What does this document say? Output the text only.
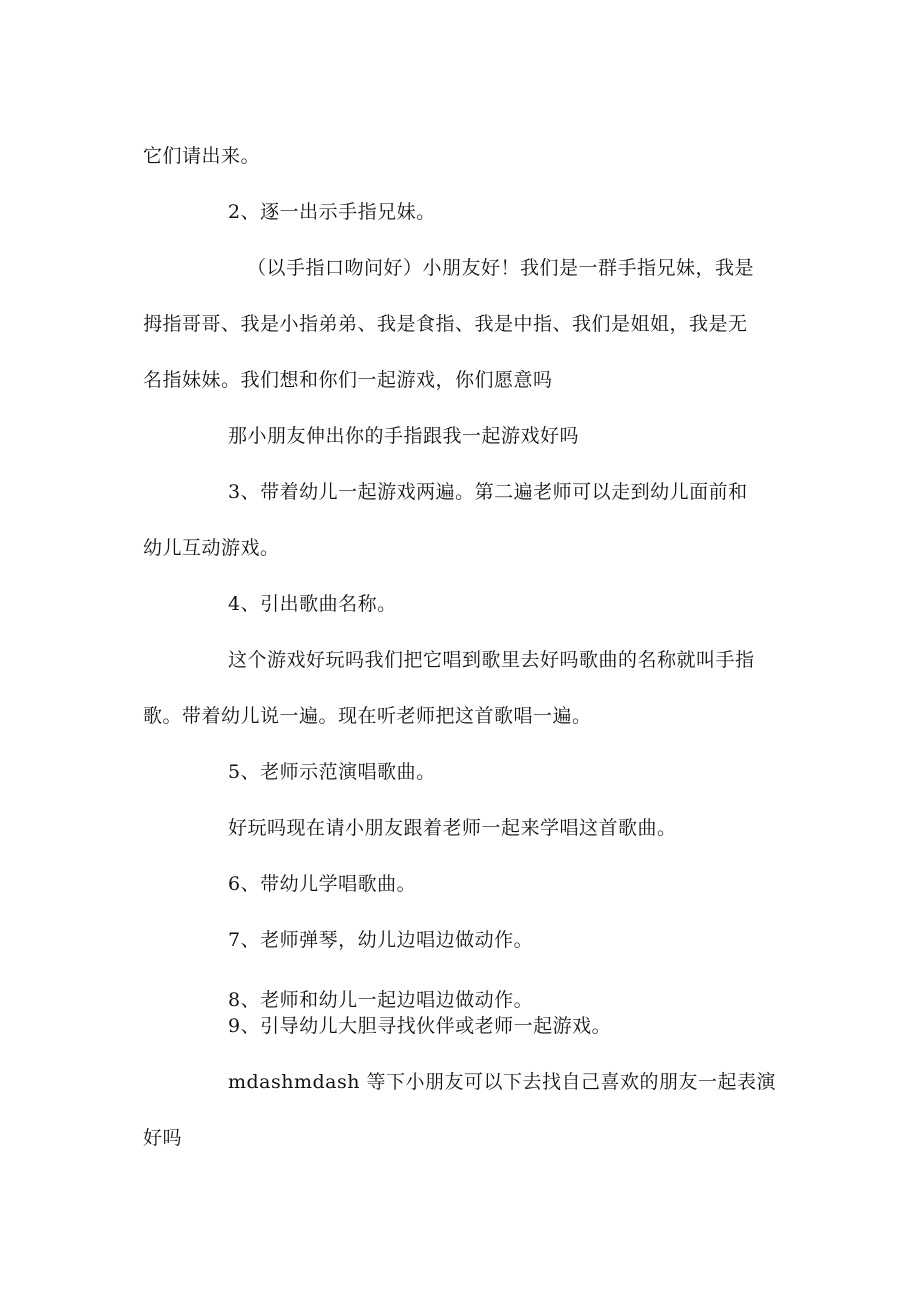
它们请出来。

2、逐一出示手指兄妹。

（以手指口吻问好）小朋友好！我们是一群手指兄妹，我是

拇指哥哥、我是小指弟弟、我是食指、我是中指、我们是姐姐，我是无

名指妹妹。我们想和你们一起游戏，你们愿意吗

那小朋友伸出你的手指跟我一起游戏好吗

3、带着幼儿一起游戏两遍。第二遍老师可以走到幼儿面前和

幼儿互动游戏。

4、引出歌曲名称。

这个游戏好玩吗我们把它唱到歌里去好吗歌曲的名称就叫手指

歌。带着幼儿说一遍。现在听老师把这首歌唱一遍。

5、老师示范演唱歌曲。

好玩吗现在请小朋友跟着老师一起来学唱这首歌曲。

6、带幼儿学唱歌曲。

7、老师弹琴，幼儿边唱边做动作。

8、老师和幼儿一起边唱边做动作。

9、引导幼儿大胆寻找伙伴或老师一起游戏。

mdashmdash 等下小朋友可以下去找自己喜欢的朋友一起表演

好吗
